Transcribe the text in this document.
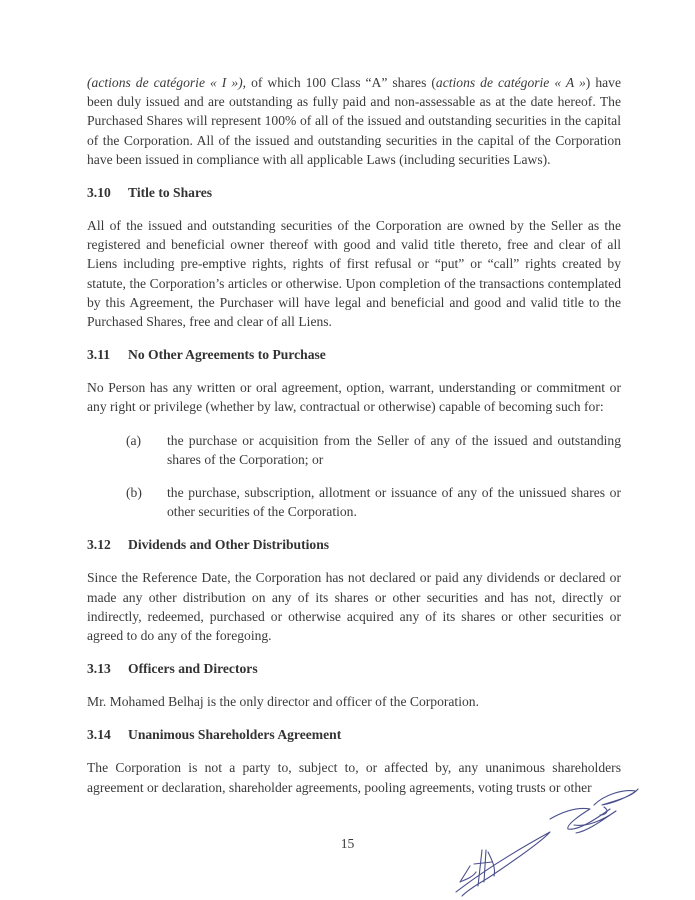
(actions de catégorie « I »), of which 100 Class “A” shares (actions de catégorie « A ») have been duly issued and are outstanding as fully paid and non-assessable as at the date hereof. The Purchased Shares will represent 100% of all of the issued and outstanding securities in the capital of the Corporation. All of the issued and outstanding securities in the capital of the Corporation have been issued in compliance with all applicable Laws (including securities Laws).

3.10	Title to Shares

All of the issued and outstanding securities of the Corporation are owned by the Seller as the registered and beneficial owner thereof with good and valid title thereto, free and clear of all Liens including pre-emptive rights, rights of first refusal or “put” or “call” rights created by statute, the Corporation’s articles or otherwise. Upon completion of the transactions contemplated by this Agreement, the Purchaser will have legal and beneficial and good and valid title to the Purchased Shares, free and clear of all Liens.

3.11	No Other Agreements to Purchase

No Person has any written or oral agreement, option, warrant, understanding or commitment or any right or privilege (whether by law, contractual or otherwise) capable of becoming such for:

(a)	the purchase or acquisition from the Seller of any of the issued and outstanding shares of the Corporation; or
(b)	the purchase, subscription, allotment or issuance of any of the unissued shares or other securities of the Corporation.
3.12	Dividends and Other Distributions

Since the Reference Date, the Corporation has not declared or paid any dividends or declared or made any other distribution on any of its shares or other securities and has not, directly or indirectly, redeemed, purchased or otherwise acquired any of its shares or other securities or agreed to do any of the foregoing.

3.13	Officers and Directors

Mr. Mohamed Belhaj is the only director and officer of the Corporation.

3.14	Unanimous Shareholders Agreement

The Corporation is not a party to, subject to, or affected by, any unanimous shareholders agreement or declaration, shareholder agreements, pooling agreements, voting trusts or other

15
